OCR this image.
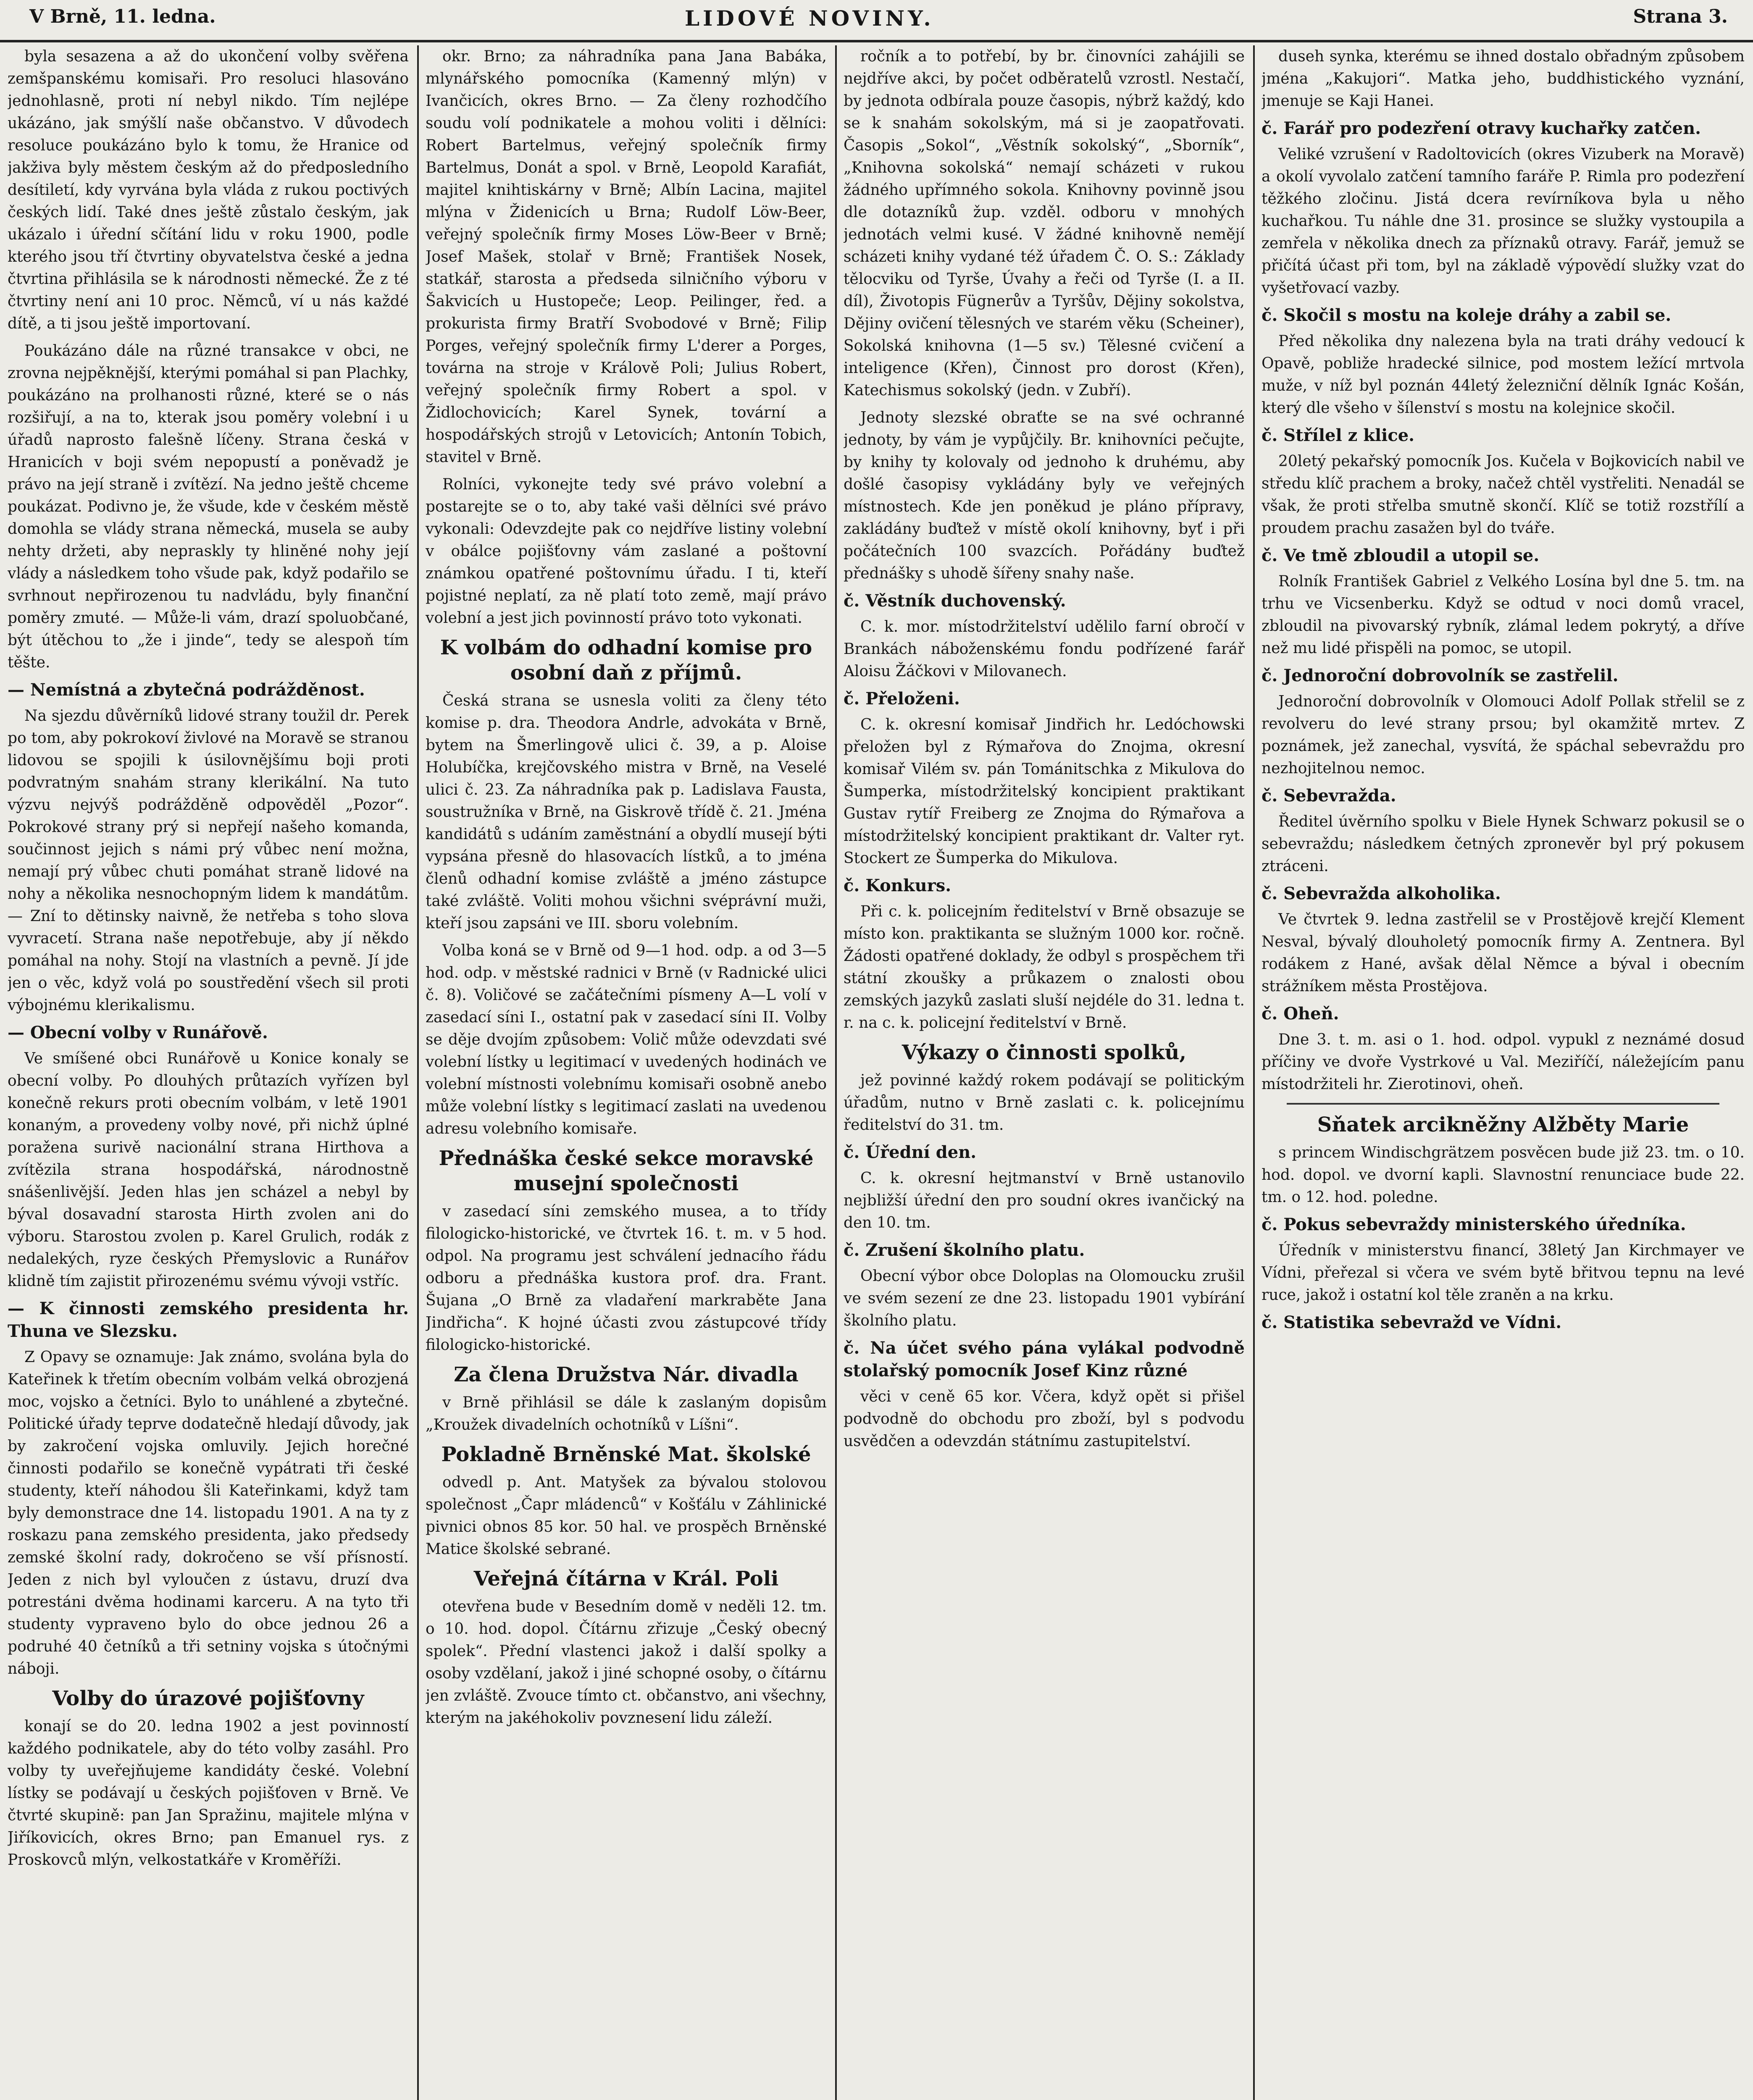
V Brně, 11. ledna.	LIDOVÉ NOVINY.	Strana 3.

byla sesazena a až do ukončení volby svěřena zemšpanskému komisaři. Pro resoluci hlasováno jednohlasně, proti ní nebyl nikdo. Tím nejlépe ukázáno, jak smýšlí naše občanstvo. V důvodech resoluce poukázáno bylo k tomu, že Hranice od jakživa byly městem českým až do předposledního desítiletí, kdy vyrvána byla vláda z rukou poctivých českých lidí. Také dnes ještě zůstalo českým, jak ukázalo i úřední sčítání lidu v roku 1900, podle kterého jsou tří čtvrtiny obyvatelstva české a jedna čtvrtina přihlásila se k národnosti německé. Že z té čtvrtiny není ani 10 proc. Němců, ví u nás každé dítě, a ti jsou ještě importovaní.

Poukázáno dále na různé transakce v obci, ne zrovna nejpěknější, kterými pomáhal si pan Plachky, poukázáno na prolhanosti různé, které se o nás rozšiřují, a na to, kterak jsou poměry volební i u úřadů naprosto falešně líčeny. Strana česká v Hranicích v boji svém nepopustí a poněvadž je právo na její straně i zvítězí. Na jedno ještě chceme poukázat. Podivno je, že všude, kde v českém městě domohla se vlády strana německá, musela se auby nehty držeti, aby nepraskly ty hliněné nohy její vlády a následkem toho všude pak, když podařilo se svrhnout nepřirozenou tu nadvládu, byly finanční poměry zmuté. — Může-li vám, drazí spoluobčané, být útěchou to „že i jinde“, tedy se alespoň tím těšte.

— Nemístná a zbytečná podrážděnost.

Na sjezdu důvěrníků lidové strany toužil dr. Perek po tom, aby pokrokoví živlové na Moravě se stranou lidovou se spojili k úsilovnějšímu boji proti podvratným snahám strany klerikální. Na tuto výzvu nejvýš podrážděně odpověděl „Pozor“. Pokrokové strany prý si nepřejí našeho komanda, součinnost jejich s námi prý vůbec není možna, nemají prý vůbec chuti pomáhat straně lidové na nohy a několika nesnochopným lidem k mandátům. — Zní to dětinsky naivně, že netřeba s toho slova vyvracetí. Strana naše nepotřebuje, aby jí někdo pomáhal na nohy. Stojí na vlastních a pevně. Jí jde jen o věc, když volá po soustředění všech sil proti výbojnému klerikalismu.

— Obecní volby v Runářově.

Ve smíšené obci Runářově u Konice konaly se obecní volby. Po dlouhých průtazích vyřízen byl konečně rekurs proti obecním volbám, v letě 1901 konaným, a provedeny volby nové, při nichž úplné poražena surivě nacionální strana Hirthova a zvítězila strana hospodářská, národnostně snášenlivější. Jeden hlas jen scházel a nebyl by býval dosavadní starosta Hirth zvolen ani do výboru. Starostou zvolen p. Karel Grulich, rodák z nedalekých, ryze českých Přemyslovic a Runářov klidně tím zajistit přirozenému svému vývoji vstříc.

— K činnosti zemského presidenta hr. Thuna ve Slezsku.

Z Opavy se oznamuje: Jak známo, svolána byla do Kateřinek k třetím obecním volbám velká obrozjená moc, vojsko a četníci. Bylo to unáhlené a zbytečné. Politické úřady teprve dodatečně hledají důvody, jak by zakročení vojska omluvily. Jejich horečné činnosti podařilo se konečně vypátrati tři české studenty, kteří náhodou šli Kateřinkami, když tam byly demonstrace dne 14. listopadu 1901. A na ty z roskazu pana zemského presidenta, jako předsedy zemské školní rady, dokročeno se vší přísností. Jeden z nich byl vyloučen z ústavu, druzí dva potrestáni dvěma hodinami karceru. A na tyto tři studenty vypraveno bylo do obce jednou 26 a podruhé 40 četníků a tři setniny vojska s útočnými náboji.

Volby do úrazové pojišťovny

konají se do 20. ledna 1902 a jest povinností každého podnikatele, aby do této volby zasáhl. Pro volby ty uveřejňujeme kandidáty české. Volební lístky se podávají u českých pojišťoven v Brně. Ve čtvrté skupině: pan Jan Spražinu, majitele mlýna v Jiříkovicích, okres Brno; pan Emanuel rys. z Proskovců mlýn, velkostatkáře v Kroměříži.

okr. Brno; za náhradníka pana Jana Babáka, mlynářského pomocníka (Kamenný mlýn) v Ivančicích, okres Brno. — Za členy rozhodčího soudu volí podnikatele a mohou voliti i dělníci: Robert Bartelmus, veřejný společník firmy Bartelmus, Donát a spol. v Brně, Leopold Karafiát, majitel knihtiskárny v Brně; Albín Lacina, majitel mlýna v Židenicích u Brna; Rudolf Löw-Beer, veřejný společník firmy Moses Löw-Beer v Brně; Josef Mašek, stolař v Brně; František Nosek, statkář, starosta a předseda silničního výboru v Šakvicích u Hustopeče; Leop. Peilinger, řed. a prokurista firmy Bratří Svobodové v Brně; Filip Porges, veřejný společník firmy L'derer a Porges, továrna na stroje v Králově Poli; Julius Robert, veřejný společník firmy Robert a spol. v Židlochovicích; Karel Synek, tovární a hospodářských strojů v Letovicích; Antonín Tobich, stavitel v Brně.

Rolníci, vykonejte tedy své právo volební a postarejte se o to, aby také vaši dělníci své právo vykonali: Odevzdejte pak co nejdříve listiny volební v obálce pojišťovny vám zaslané a poštovní známkou opatřené poštovnímu úřadu. I ti, kteří pojistné neplatí, za ně platí toto země, mají právo volební a jest jich povinností právo toto vykonati.

K volbám do odhadní komise pro osobní daň z příjmů.

Česká strana se usnesla voliti za členy této komise p. dra. Theodora Andrle, advokáta v Brně, bytem na Šmerlingově ulici č. 39, a p. Aloise Holubíčka, krejčovského mistra v Brně, na Veselé ulici č. 23. Za náhradníka pak p. Ladislava Fausta, soustružníka v Brně, na Giskrově třídě č. 21. Jména kandidátů s udáním zaměstnání a obydlí musejí býti vypsána přesně do hlasovacích lístků, a to jména členů odhadní komise zvláště a jméno zástupce také zvláště. Voliti mohou všichni svéprávní muži, kteří jsou zapsáni ve III. sboru volebním.

Volba koná se v Brně od 9—1 hod. odp. a od 3—5 hod. odp. v městské radnici v Brně (v Radnické ulici č. 8). Voličové se začátečními písmeny A—L volí v zasedací síni I., ostatní pak v zasedací síni II. Volby se děje dvojím způsobem: Volič může odevzdati své volební lístky u legitimací v uvedených hodinách ve volební místnosti volebnímu komisaři osobně anebo může volební lístky s legitimací zaslati na uvedenou adresu volebního komisaře.

Přednáška české sekce moravské musejní společnosti

v zasedací síni zemského musea, a to třídy filologicko-historické, ve čtvrtek 16. t. m. v 5 hod. odpol. Na programu jest schválení jednacího řádu odboru a přednáška kustora prof. dra. Frant. Šujana „O Brně za vladaření markraběte Jana Jindřicha“. K hojné účasti zvou zástupcové třídy filologicko-historické.

Za člena Družstva Nár. divadla

v Brně přihlásil se dále k zaslaným dopisům „Kroužek divadelních ochotníků v Líšni“.

Pokladně Brněnské Mat. školské

odvedl p. Ant. Matyšek za bývalou stolovou společnost „Čapr mládenců“ v Košťálu v Záhlinické pivnici obnos 85 kor. 50 hal. ve prospěch Brněnské Matice školské sebrané.

Veřejná čítárna v Král. Poli

otevřena bude v Besedním domě v neděli 12. tm. o 10. hod. dopol. Čítárnu zřizuje „Český obecný spolek“. Přední vlastenci jakož i další spolky a osoby vzdělaní, jakož i jiné schopné osoby, o čítárnu jen zvláště. Zvouce tímto ct. občanstvo, ani všechny, kterým na jakéhokoliv povznesení lidu záleží.

ročník a to potřebí, by br. činovníci zahájili se nejdříve akci, by počet odběratelů vzrostl. Nestačí, by jednota odbírala pouze časopis, nýbrž každý, kdo se k snahám sokolským, má si je zaopatřovati. Časopis „Sokol“, „Věstník sokolský“, „Sborník“, „Knihovna sokolská“ nemají scházeti v rukou žádného upřímného sokola. Knihovny povinně jsou dle dotazníků žup. vzděl. odboru v mnohých jednotách velmi kusé. V žádné knihovně nemějí scházeti knihy vydané též úřadem Č. O. S.: Základy tělocviku od Tyrše, Úvahy a řeči od Tyrše (I. a II. díl), Životopis Fügnerův a Tyršův, Dějiny sokolstva, Dějiny ovičení tělesných ve starém věku (Scheiner), Sokolská knihovna (1—5 sv.) Tělesné cvičení a inteligence (Křen), Činnost pro dorost (Křen), Katechismus sokolský (jedn. v Zubří).

Jednoty slezské obraťte se na své ochranné jednoty, by vám je vypůjčily. Br. knihovníci pečujte, by knihy ty kolovaly od jednoho k druhému, aby došlé časopisy vykládány byly ve veřejných místnostech. Kde jen poněkud je pláno přípravy, zakládány buďtež v místě okolí knihovny, byť i při počátečních 100 svazcích. Pořádány buďtež přednášky s uhodě šířeny snahy naše.

č. Věstník duchovenský.

C. k. mor. místodržitelství udělilo farní obročí v Brankách náboženskému fondu podřízené farář Aloisu Žáčkovi v Milovanech.

č. Přeloženi.

C. k. okresní komisař Jindřich hr. Ledóchowski přeložen byl z Rýmařova do Znojma, okresní komisař Vilém sv. pán Tománitschka z Mikulova do Šumperka, místodržitelský koncipient praktikant Gustav rytíř Freiberg ze Znojma do Rýmařova a místodržitelský koncipient praktikant dr. Valter ryt. Stockert ze Šumperka do Mikulova.

č. Konkurs.

Při c. k. policejním ředitelství v Brně obsazuje se místo kon. praktikanta se služným 1000 kor. ročně. Žádosti opatřené doklady, že odbyl s prospěchem tři státní zkoušky a průkazem o znalosti obou zemských jazyků zaslati sluší nejdéle do 31. ledna t. r. na c. k. policejní ředitelství v Brně.

Výkazy o činnosti spolků,

jež povinné každý rokem podávají se politickým úřadům, nutno v Brně zaslati c. k. policejnímu ředitelství do 31. tm.

č. Úřední den.

C. k. okresní hejtmanství v Brně ustanovilo nejbližší úřední den pro soudní okres ivančický na den 10. tm.

č. Zrušení školního platu.

Obecní výbor obce Doloplas na Olomoucku zrušil ve svém sezení ze dne 23. listopadu 1901 vybírání školního platu.

č. Na účet svého pána vylákal podvodně stolařský pomocník Josef Kinz různé

věci v ceně 65 kor. Včera, když opět si přišel podvodně do obchodu pro zboží, byl s podvodu usvědčen a odevzdán státnímu zastupitelství.

duseh synka, kterému se ihned dostalo obřadným způsobem jména „Kakujori“. Matka jeho, buddhistického vyznání, jmenuje se Kaji Hanei.

č. Farář pro podezření otravy kuchařky zatčen.

Veliké vzrušení v Radoltovicích (okres Vizuberk na Moravě) a okolí vyvolalo zatčení tamního faráře P. Rimla pro podezření těžkého zločinu. Jistá dcera revírníkova byla u něho kuchařkou. Tu náhle dne 31. prosince se služky vystoupila a zemřela v několika dnech za příznaků otravy. Farář, jemuž se přičítá účast při tom, byl na základě výpovědí služky vzat do vyšetřovací vazby.

č. Skočil s mostu na koleje dráhy a zabil se.

Před několika dny nalezena byla na trati dráhy vedoucí k Opavě, pobliže hradecké silnice, pod mostem ležící mrtvola muže, v níž byl poznán 44letý železniční dělník Ignác Košán, který dle všeho v šílenství s mostu na kolejnice skočil.

č. Střílel z klice.

20letý pekařský pomocník Jos. Kučela v Bojkovicích nabil ve středu klíč prachem a broky, načež chtěl vystřeliti. Nenadál se však, že proti střelba smutně skončí. Klíč se totiž rozstřílí a proudem prachu zasažen byl do tváře.

č. Ve tmě zbloudil a utopil se.

Rolník František Gabriel z Velkého Losína byl dne 5. tm. na trhu ve Vicsenberku. Když se odtud v noci domů vracel, zbloudil na pivovarský rybník, zlámal ledem pokrytý, a dříve než mu lidé přispěli na pomoc, se utopil.

č. Jednoroční dobrovolník se zastřelil.

Jednoroční dobrovolník v Olomouci Adolf Pollak střelil se z revolveru do levé strany prsou; byl okamžitě mrtev. Z poznámek, jež zanechal, vysvítá, že spáchal sebevraždu pro nezhojitelnou nemoc.

č. Sebevražda.

Ředitel úvěrního spolku v Biele Hynek Schwarz pokusil se o sebevraždu; následkem četných zpronevěr byl prý pokusem ztráceni.

č. Sebevražda alkoholika.

Ve čtvrtek 9. ledna zastřelil se v Prostějově krejčí Klement Nesval, bývalý dlouholetý pomocník firmy A. Zentnera. Byl rodákem z Hané, avšak dělal Němce a býval i obecním strážníkem města Prostějova.

č. Oheň.

Dne 3. t. m. asi o 1. hod. odpol. vypukl z neznámé dosud příčiny ve dvoře Vystrkové u Val. Meziříčí, náležejícím panu místodržiteli hr. Zierotinovi, oheň.

Sňatek arcikněžny Alžběty Marie

s princem Windischgrätzem posvěcen bude již 23. tm. o 10. hod. dopol. ve dvorní kapli. Slavnostní renunciace bude 22. tm. o 12. hod. poledne.

č. Pokus sebevraždy ministerského úředníka.

Úředník v ministerstvu financí, 38letý Jan Kirchmayer ve Vídni, přeřezal si včera ve svém bytě břitvou tepnu na levé ruce, jakož i ostatní kol těle zraněn a na krku.

č. Statistika sebevražd ve Vídni.
